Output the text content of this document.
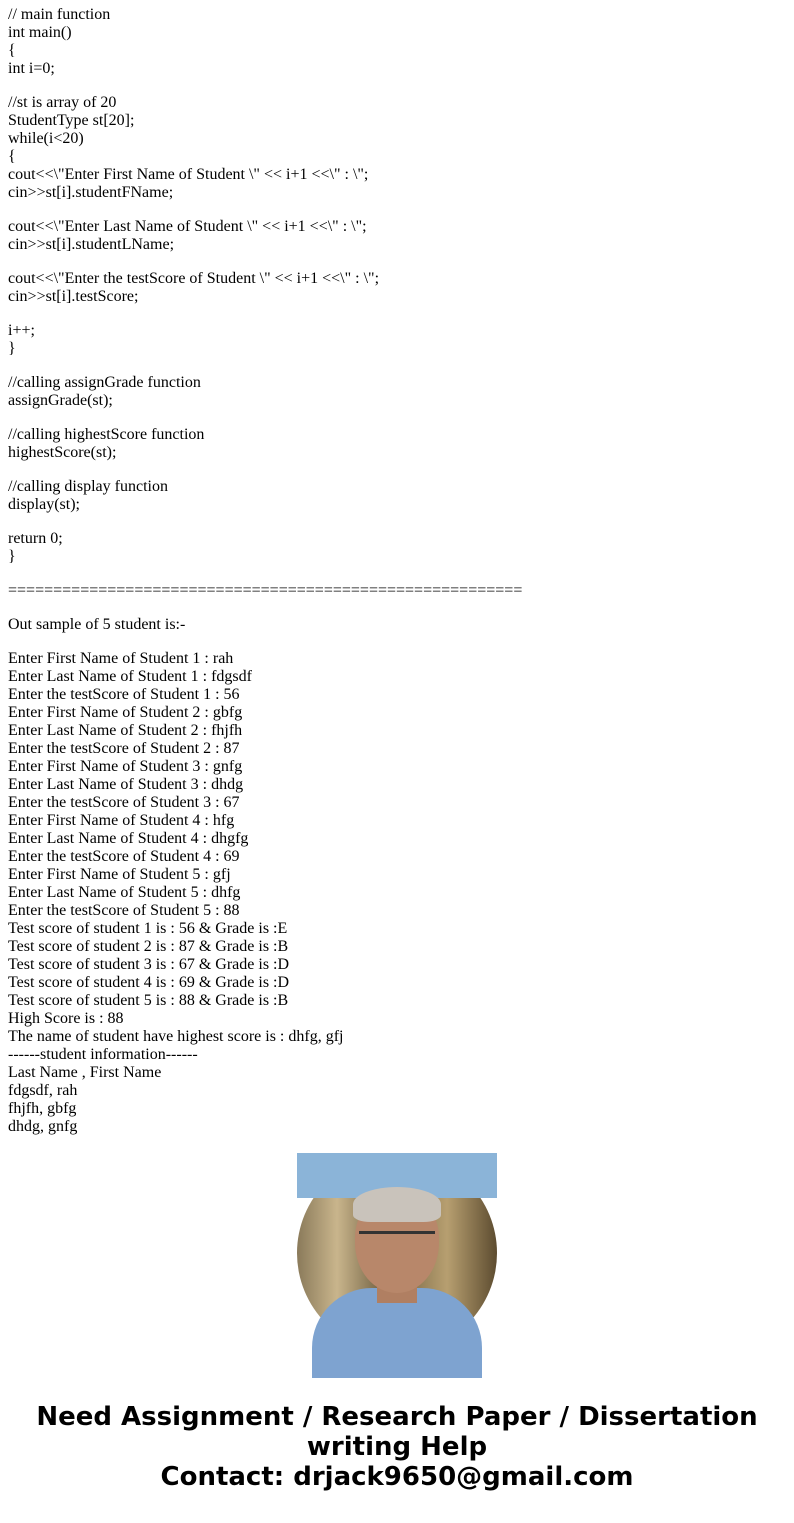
// main function
int main()
{
int i=0;

//st is array of 20
StudentType st[20];
while(i<20)
{
cout<<\"Enter First Name of Student \" << i+1 <<\" : \";
cin>>st[i].studentFName;

cout<<\"Enter Last Name of Student \" << i+1 <<\" : \";
cin>>st[i].studentLName;

cout<<\"Enter the testScore of Student \" << i+1 <<\" : \";
cin>>st[i].testScore;

i++;
}

//calling assignGrade function
assignGrade(st);

//calling highestScore function
highestScore(st);

//calling display function
display(st);

return 0;
}

=========================================================

Out sample of 5 student is:-

Enter First Name of Student 1 : rah
Enter Last Name of Student 1 : fdgsdf
Enter the testScore of Student 1 : 56
Enter First Name of Student 2 : gbfg
Enter Last Name of Student 2 : fhjfh
Enter the testScore of Student 2 : 87
Enter First Name of Student 3 : gnfg
Enter Last Name of Student 3 : dhdg
Enter the testScore of Student 3 : 67
Enter First Name of Student 4 : hfg
Enter Last Name of Student 4 : dhgfg
Enter the testScore of Student 4 : 69
Enter First Name of Student 5 : gfj
Enter Last Name of Student 5 : dhfg
Enter the testScore of Student 5 : 88
Test score of student 1 is : 56 & Grade is :E
Test score of student 2 is : 87 & Grade is :B
Test score of student 3 is : 67 & Grade is :D
Test score of student 4 is : 69 & Grade is :D
Test score of student 5 is : 88 & Grade is :B
High Score is : 88
The name of student have highest score is : dhfg, gfj
------student information------
Last Name , First Name
fdgsdf, rah
fhjfh, gbfg
dhdg, gnfg

Need Assignment / Research Paper / Dissertation
writing Help
Contact: drjack9650@gmail.com
